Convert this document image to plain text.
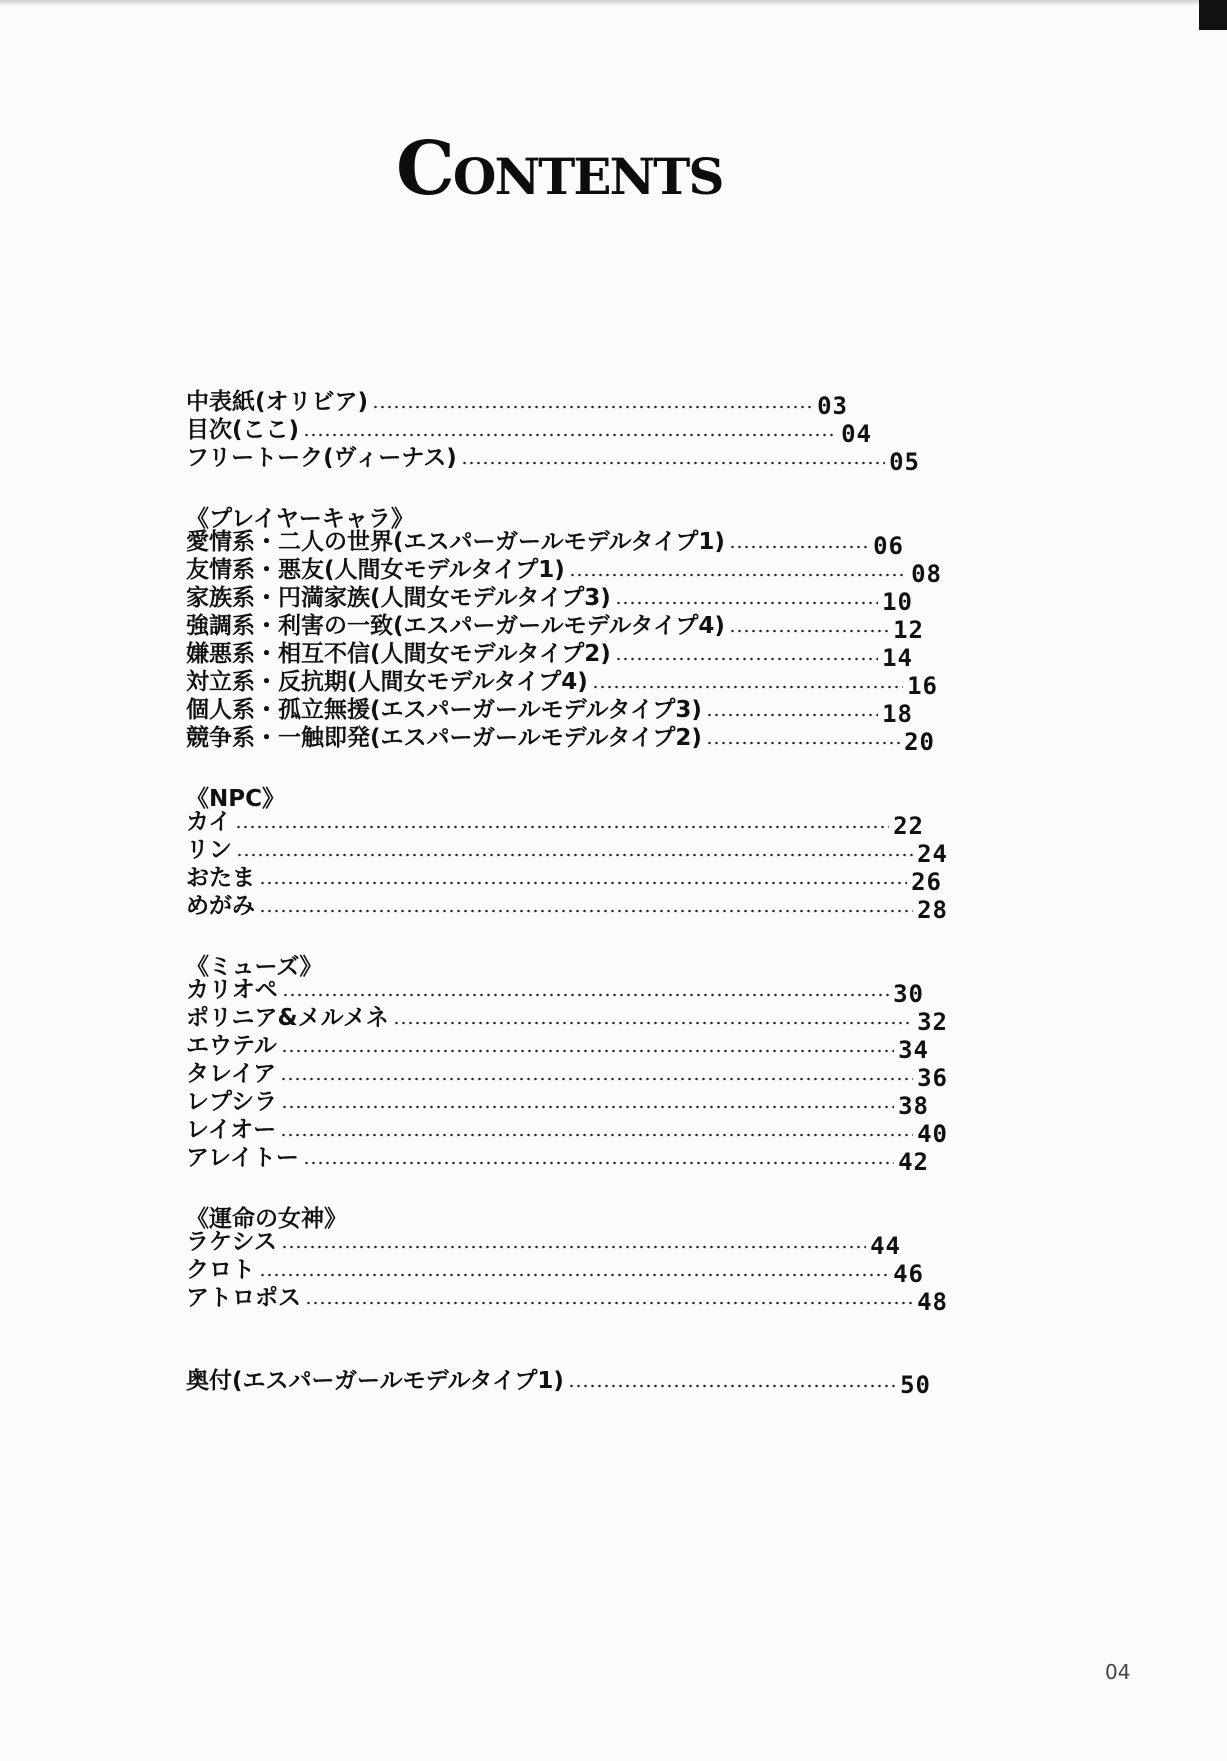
CONTENTS
中表紙(オリビア)	03
目次(ここ)	04
フリートーク(ヴィーナス)	05
《プレイヤーキャラ》
愛情系・二人の世界(エスパーガールモデルタイプ1)	06
友情系・悪友(人間女モデルタイプ1)	08
家族系・円満家族(人間女モデルタイプ3)	10
強調系・利害の一致(エスパーガールモデルタイプ4)	12
嫌悪系・相互不信(人間女モデルタイプ2)	14
対立系・反抗期(人間女モデルタイプ4)	16
個人系・孤立無援(エスパーガールモデルタイプ3)	18
競争系・一触即発(エスパーガールモデルタイプ2)	20
《NPC》
カイ	22
リン	24
おたま	26
めがみ	28
《ミューズ》
カリオペ	30
ポリニア&メルメネ	32
エウテル	34
タレイア	36
レプシラ	38
レイオー	40
アレイトー	42
《運命の女神》
ラケシス	44
クロト	46
アトロポス	48
奥付(エスパーガールモデルタイプ1)	50
04
